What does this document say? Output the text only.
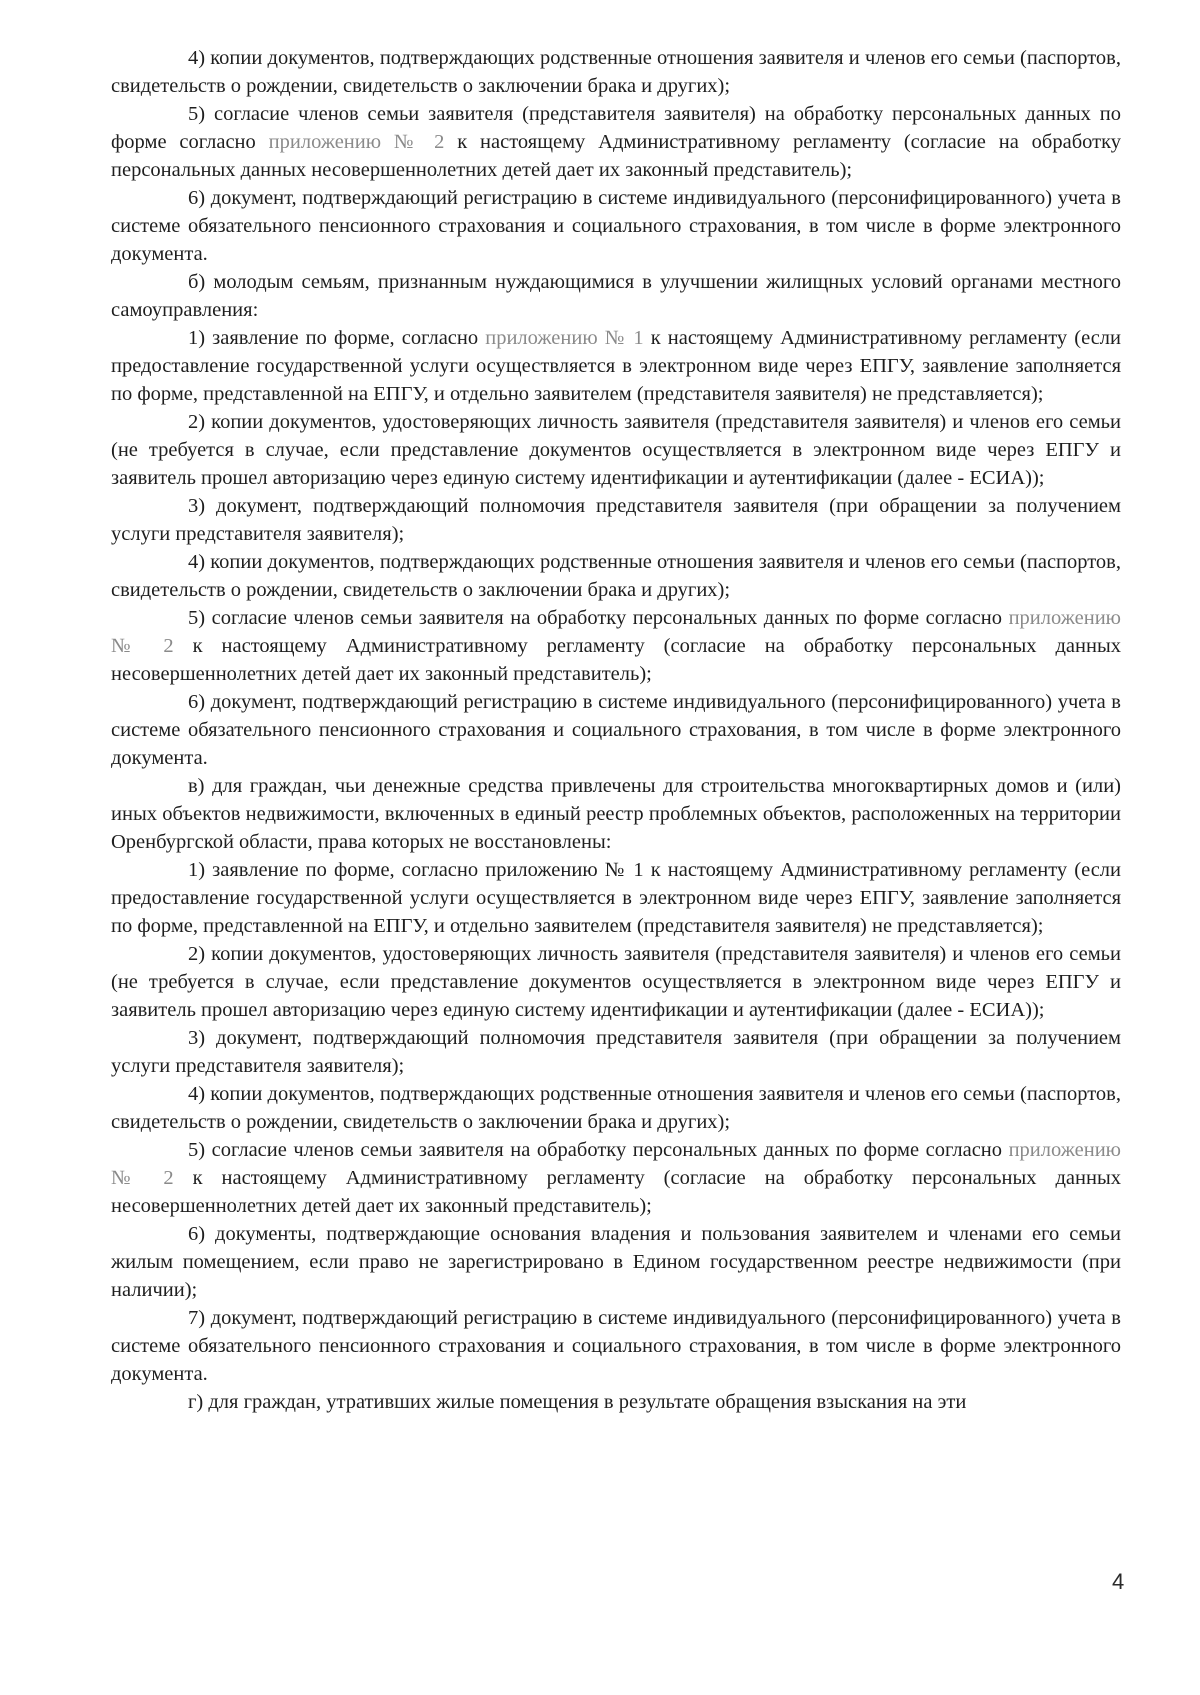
4) копии документов, подтверждающих родственные отношения заявителя и членов его семьи (паспортов, свидетельств о рождении, свидетельств о заключении брака и других);

5) согласие членов семьи заявителя (представителя заявителя) на обработку персональных данных по форме согласно приложению № 2 к настоящему Административному регламенту (согласие на обработку персональных данных несовершеннолетних детей дает их законный представитель);

6) документ, подтверждающий регистрацию в системе индивидуального (персонифицированного) учета в системе обязательного пенсионного страхования и социального страхования, в том числе в форме электронного документа.

б) молодым семьям, признанным нуждающимися в улучшении жилищных условий органами местного самоуправления:

1) заявление по форме, согласно приложению № 1 к настоящему Административному регламенту (если предоставление государственной услуги осуществляется в электронном виде через ЕПГУ, заявление заполняется по форме, представленной на ЕПГУ, и отдельно заявителем (представителя заявителя) не представляется);

2) копии документов, удостоверяющих личность заявителя (представителя заявителя) и членов его семьи (не требуется в случае, если представление документов осуществляется в электронном виде через ЕПГУ и заявитель прошел авторизацию через единую систему идентификации и аутентификации (далее - ЕСИА));

3) документ, подтверждающий полномочия представителя заявителя (при обращении за получением услуги представителя заявителя);

4) копии документов, подтверждающих родственные отношения заявителя и членов его семьи (паспортов, свидетельств о рождении, свидетельств о заключении брака и других);

5) согласие членов семьи заявителя на обработку персональных данных по форме согласно приложению № 2 к настоящему Административному регламенту (согласие на обработку персональных данных несовершеннолетних детей дает их законный представитель);

6) документ, подтверждающий регистрацию в системе индивидуального (персонифицированного) учета в системе обязательного пенсионного страхования и социального страхования, в том числе в форме электронного документа.

в) для граждан, чьи денежные средства привлечены для строительства многоквартирных домов и (или) иных объектов недвижимости, включенных в единый реестр проблемных объектов, расположенных на территории Оренбургской области, права которых не восстановлены:

1) заявление по форме, согласно приложению № 1 к настоящему Административному регламенту (если предоставление государственной услуги осуществляется в электронном виде через ЕПГУ, заявление заполняется по форме, представленной на ЕПГУ, и отдельно заявителем (представителя заявителя) не представляется);

2) копии документов, удостоверяющих личность заявителя (представителя заявителя) и членов его семьи (не требуется в случае, если представление документов осуществляется в электронном виде через ЕПГУ и заявитель прошел авторизацию через единую систему идентификации и аутентификации (далее - ЕСИА));

3) документ, подтверждающий полномочия представителя заявителя (при обращении за получением услуги представителя заявителя);

4) копии документов, подтверждающих родственные отношения заявителя и членов его семьи (паспортов, свидетельств о рождении, свидетельств о заключении брака и других);

5) согласие членов семьи заявителя на обработку персональных данных по форме согласно приложению № 2 к настоящему Административному регламенту (согласие на обработку персональных данных несовершеннолетних детей дает их законный представитель);

6) документы, подтверждающие основания владения и пользования заявителем и членами его семьи жилым помещением, если право не зарегистрировано в Едином государственном реестре недвижимости (при наличии);

7) документ, подтверждающий регистрацию в системе индивидуального (персонифицированного) учета в системе обязательного пенсионного страхования и социального страхования, в том числе в форме электронного документа.

г) для граждан, утративших жилые помещения в результате обращения взыскания на эти

4
